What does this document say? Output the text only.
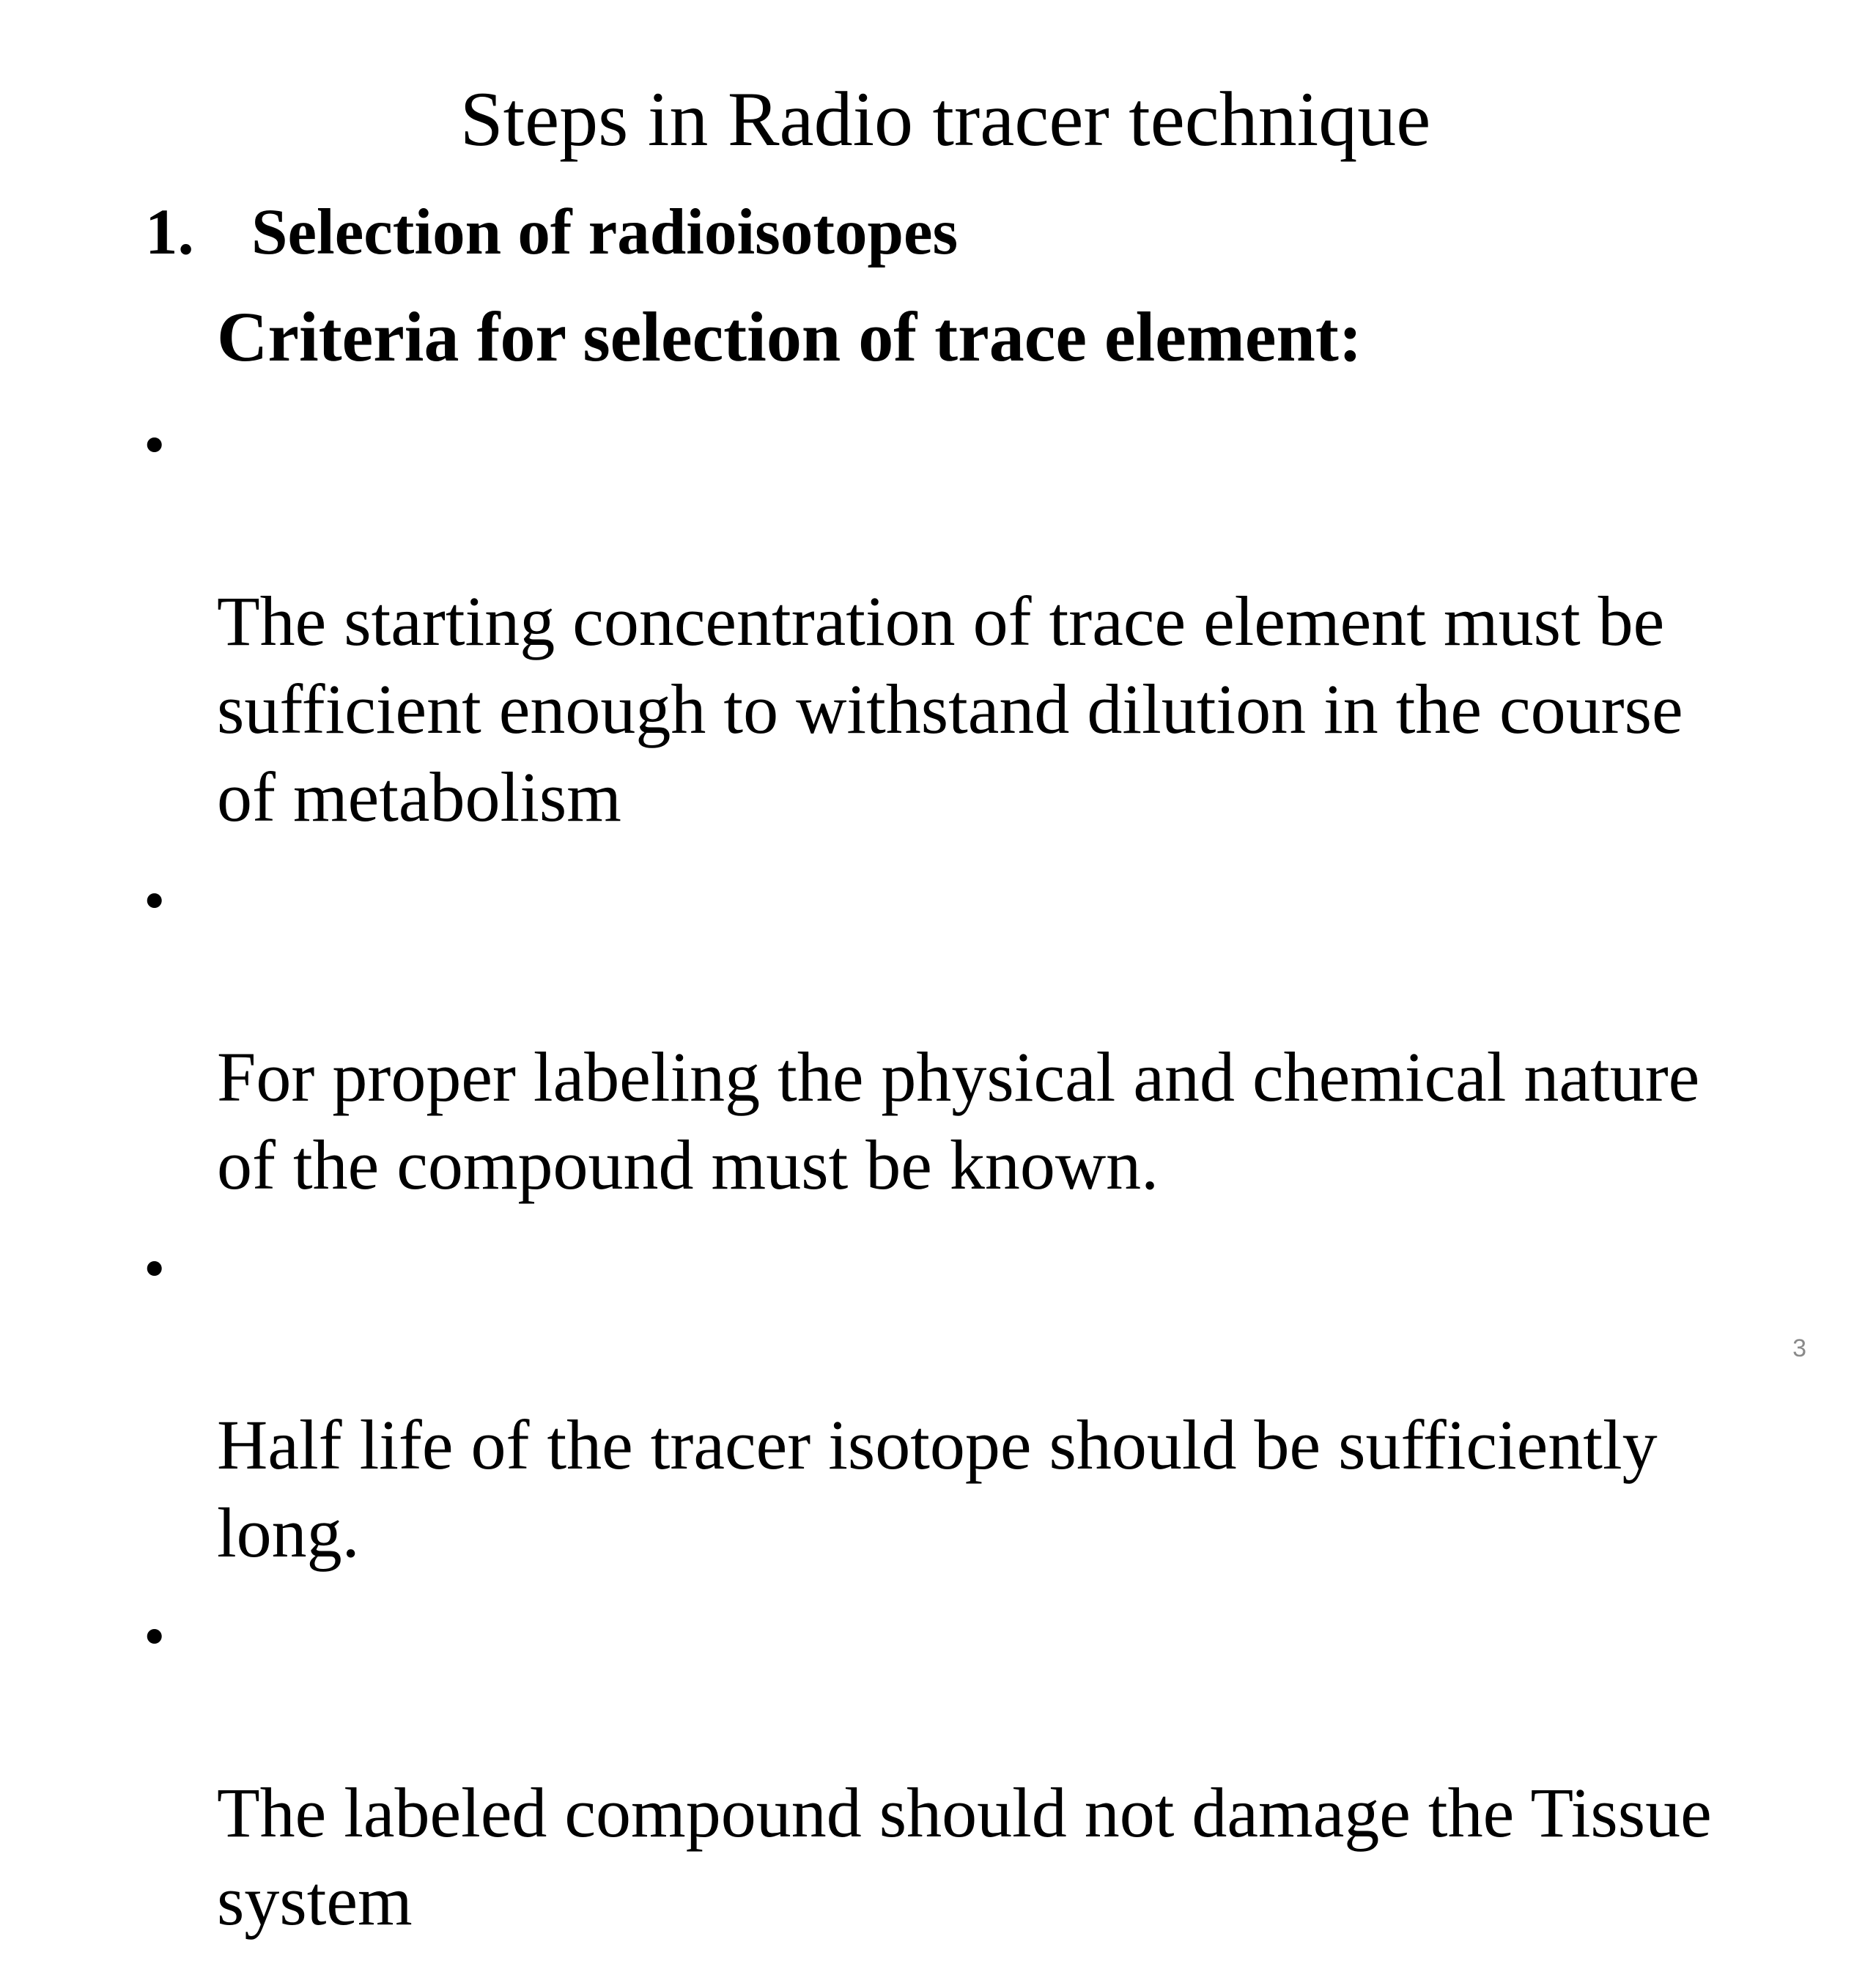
Steps in Radio tracer technique
1. Selection of radioisotopes
Criteria for selection of trace element:

•

The starting concentration of trace element must be
sufficient enough to withstand dilution in the course
of metabolism

•

For proper labeling the physical and chemical nature
of the compound must be known.

•

Half life of the tracer isotope should be sufficiently
long.

•

The labeled compound should not damage the Tissue
system

3
